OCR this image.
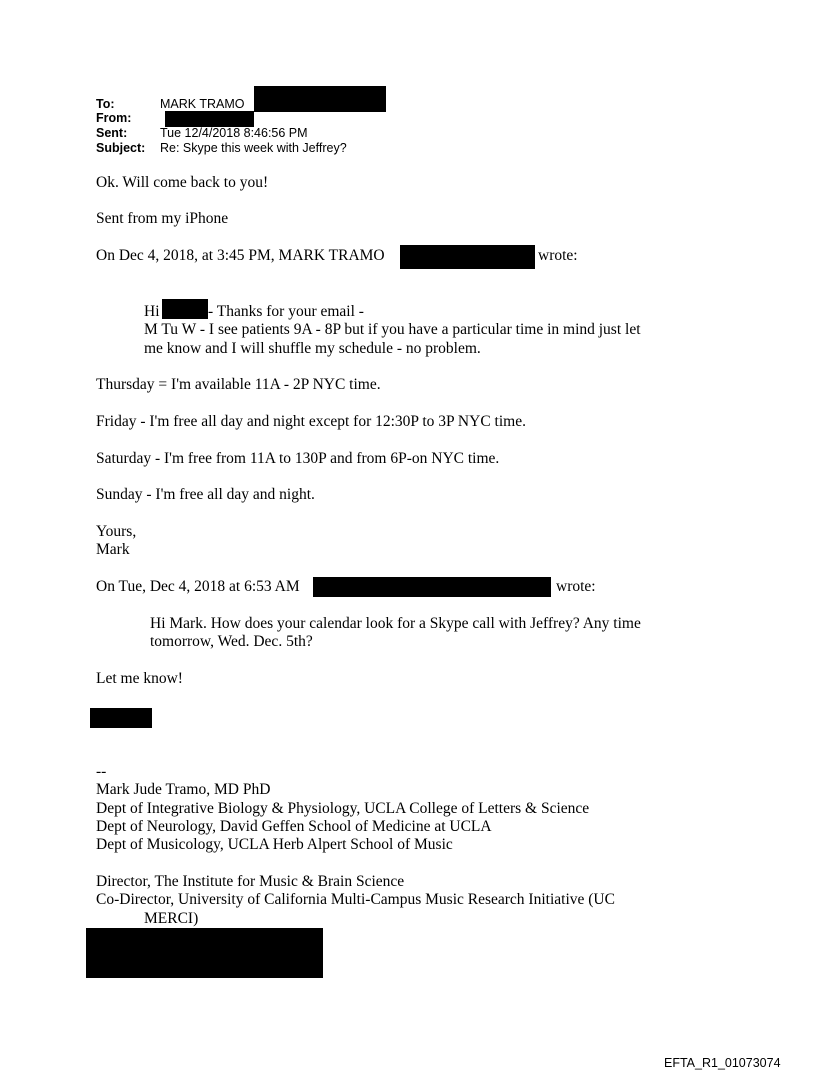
To:	MARK TRAMO
From:
Sent:	Tue 12/4/2018 8:46:56 PM
Subject: Re: Skype this week with Jeffrey?
Ok. Will come back to you!
Sent from my iPhone
On Dec 4, 2018, at 3:45 PM, MARK TRAMO	wrote:
Hi	- Thanks for your email -
M Tu W - I see patients 9A - 8P but if you have a particular time in mind just let
me know and I will shuffle my schedule - no problem.
Thursday = I'm available 11A - 2P NYC time.
Friday - I'm free all day and night except for 12:30P to 3P NYC time.
Saturday - I'm free from 11A to 130P and from 6P-on NYC time.
Sunday - I'm free all day and night.
Yours,
Mark
On Tue, Dec 4, 2018 at 6:53 AM	wrote:
Hi Mark. How does your calendar look for a Skype call with Jeffrey? Any time
tomorrow, Wed. Dec. 5th?
Let me know!
--
Mark Jude Tramo, MD PhD
Dept of Integrative Biology & Physiology, UCLA College of Letters & Science
Dept of Neurology, David Geffen School of Medicine at UCLA
Dept of Musicology, UCLA Herb Alpert School of Music
Director, The Institute for Music & Brain Science
Co-Director, University of California Multi-Campus Music Research Initiative (UC
MERCI)
EFTA_R1_01073074
